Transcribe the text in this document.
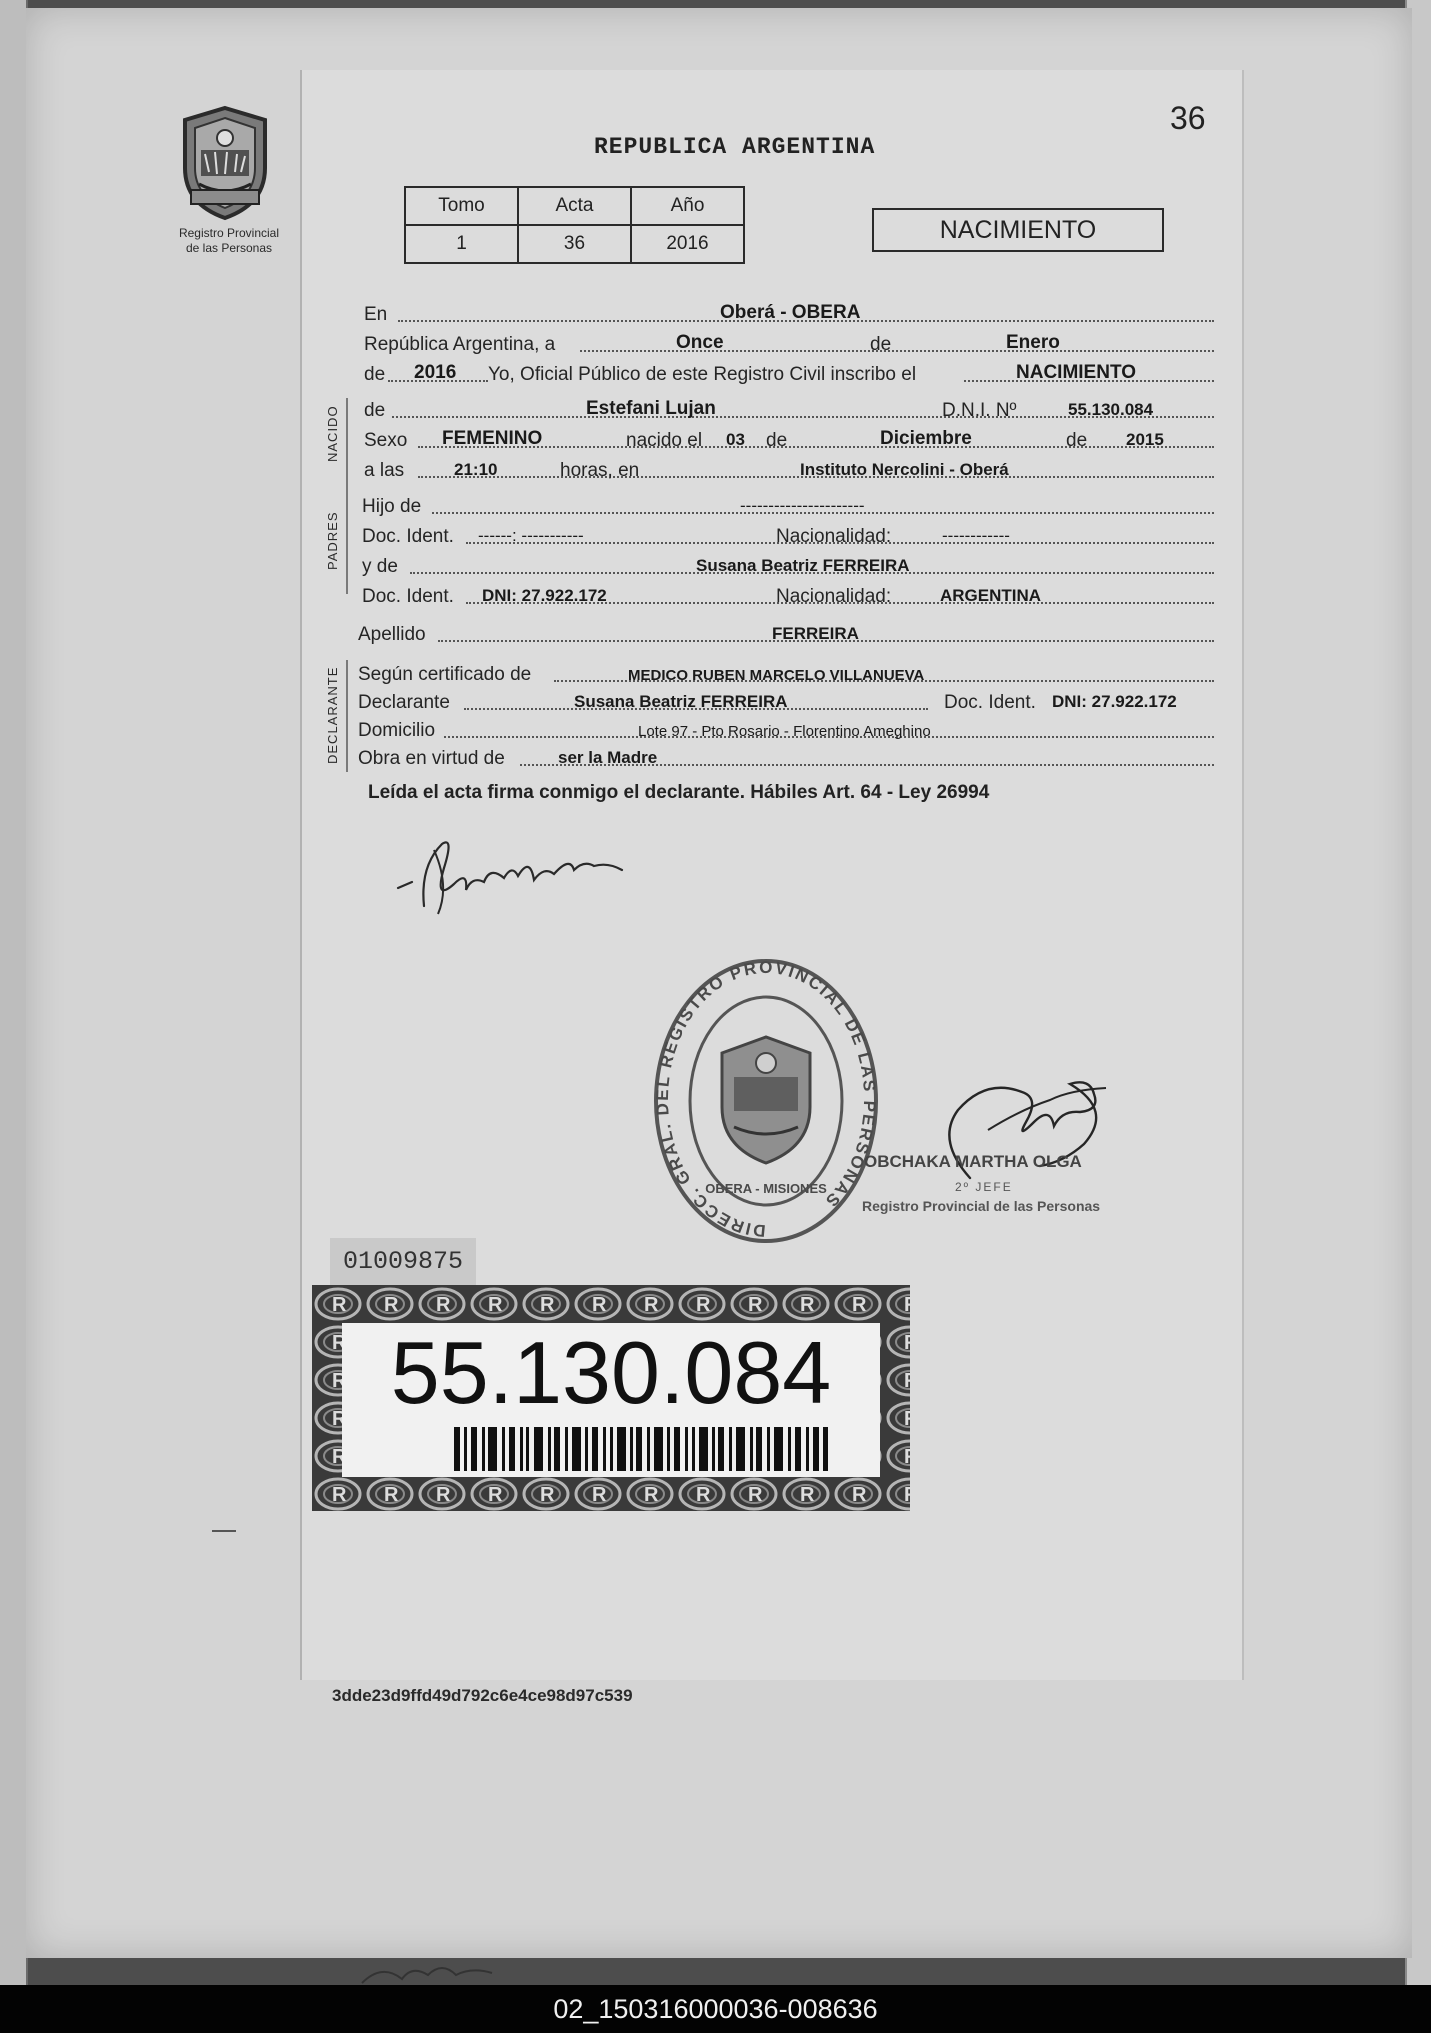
Registro Provincial
de las Personas
36
REPUBLICA ARGENTINA
Tomo	Acta	Año
1	36	2016	NACIMIENTO
En	Oberá - OBERA
República Argentina, a	Once	de	Enero
de 2016 Yo, Oficial Público de este Registro Civil inscribo el	NACIMIENTO
NACIDO de	Estefani Lujan	D.N.I. Nº	55.130.084
Sexo FEMENINO	nacido el 03 de	Diciembre	de 2015
a las	21:10	horas, en	Instituto Nercolini - Oberá
PADRES
Hijo de	----------------------
Doc. Ident. ------: -----------	Nacionalidad:	------------
y de	Susana Beatriz FERREIRA
Doc. Ident. DNI: 27.922.172	Nacionalidad:	ARGENTINA
Apellido	FERREIRA
DECLARANTE Según certificado de	MEDICO RUBEN MARCELO VILLANUEVA
Declarante	Susana Beatriz FERREIRA	Doc. Ident. DNI: 27.922.172
Domicilio	Lote 97 - Pto Rosario - Florentino Ameghino
Obra en virtud de	ser la Madre
Leída el acta firma conmigo el declarante. Hábiles Art. 64 - Ley 26994
DIRECC. GRAL. DEL REGISTRO PROVINCIAL DE LAS PERSONAS
OBERA - MISIONES
OBCHAKA MARTHA OLGA
2º JEFE
Registro Provincial de las Personas
01009875
55.130.084
3dde23d9ffd49d792c6e4ce98d97c539
02_150316000036-008636
